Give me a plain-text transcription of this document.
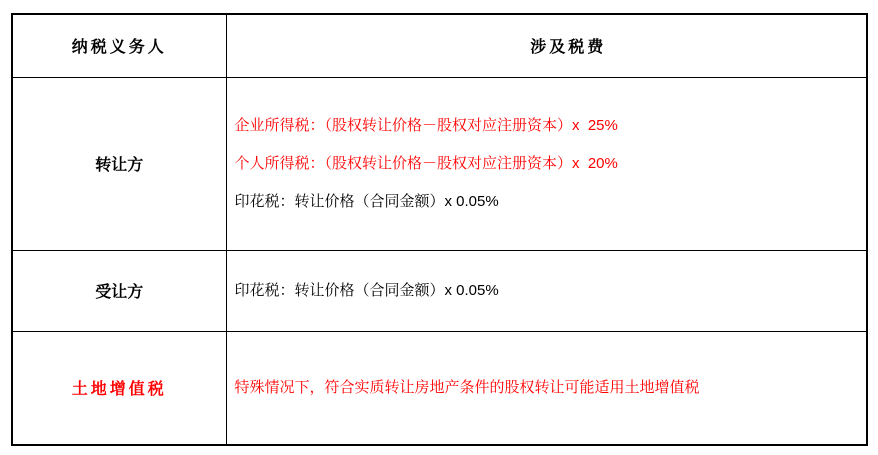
纳税义务人	涉及税费
转让方	企业所得税：（股权转让价格－股权对应注册资本）x  25%
个人所得税：（股权转让价格－股权对应注册资本）x  20%
印花税：转让价格（合同金额）x 0.05%

受让方	印花税：转让价格（合同金额）x 0.05%

土地增值税	特殊情况下，符合实质转让房地产条件的股权转让可能适用土地增值税
